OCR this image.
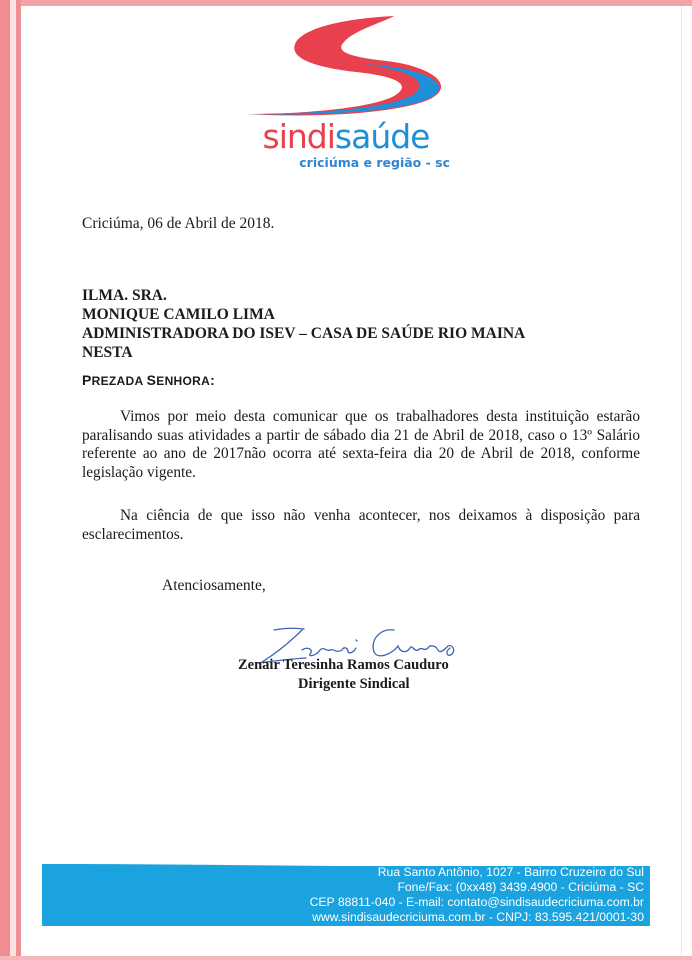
sindisaúde
criciúma e região - sc
Criciúma, 06 de Abril de 2018.
ILMA. SRA.
MONIQUE CAMILO LIMA
ADMINISTRADORA DO ISEV – CASA DE SAÚDE RIO MAINA
NESTA
PREZADA SENHORA:

Vimos por meio desta comunicar que os trabalhadores desta instituição estarão paralisando suas atividades a partir de sábado dia 21 de Abril de 2018, caso o 13º Salário referente ao ano de 2017não ocorra até sexta-feira dia 20 de Abril de 2018, conforme legislação vigente.

Na ciência de que isso não venha acontecer, nos deixamos à disposição para esclarecimentos.

Atenciosamente,
Zenair Teresinha Ramos Cauduro
Dirigente Sindical
Rua Santo Antônio, 1027 - Bairro Cruzeiro do Sul
Fone/Fax: (0xx48) 3439.4900 - Criciúma - SC
CEP 88811-040 - E-mail: contato@sindisaudecriciuma.com.br
www.sindisaudecriciuma.com.br - CNPJ: 83.595.421/0001-30
